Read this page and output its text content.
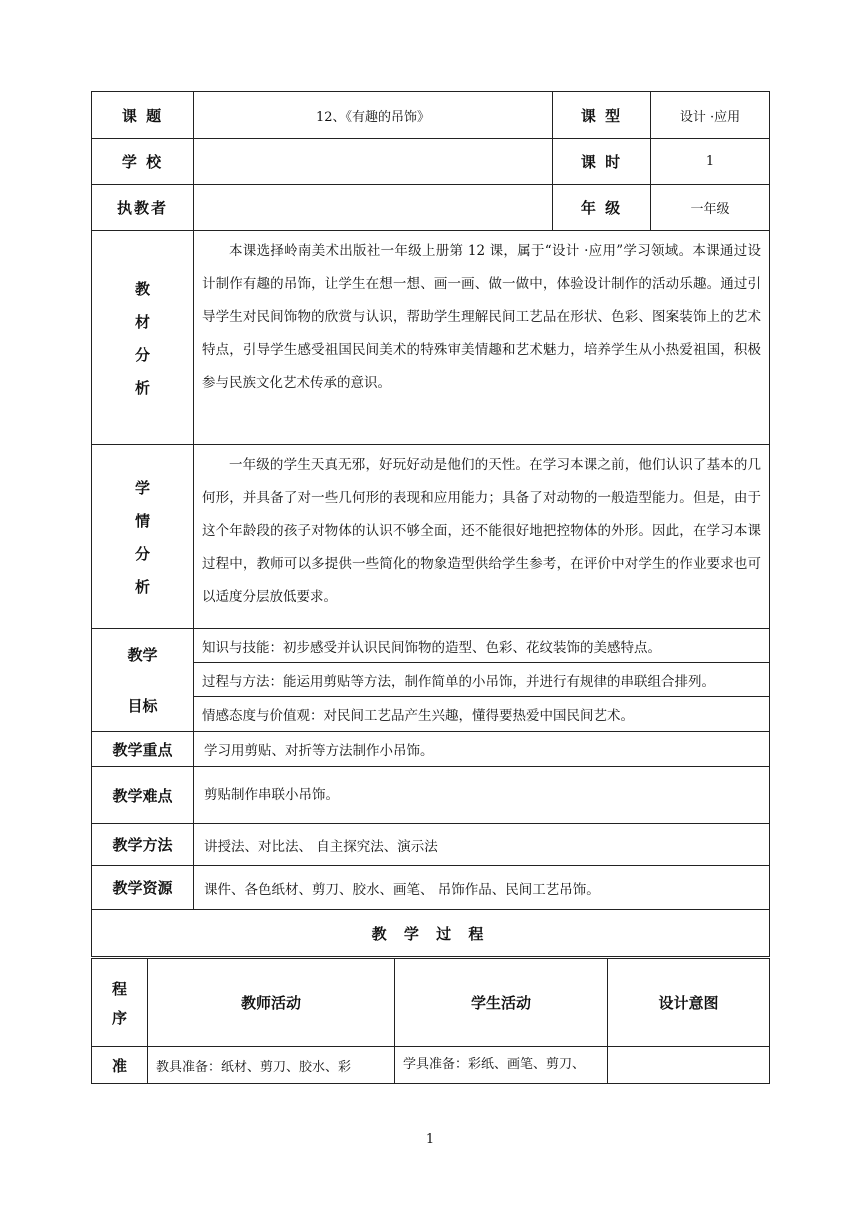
课 题	12、《有趣的吊饰》	课 型	设计 ·应用
学 校		课 时	1
执教者		年 级	一年级

教
材
分
析	本课选择岭南美术出版社一年级上册第 12 课，属于“设计 ·应用”学习领域。本课通过设计制作有趣的吊饰，让学生在想一想、画一画、做一做中，体验设计制作的活动乐趣。通过引导学生对民间饰物的欣赏与认识，帮助学生理解民间工艺品在形状、色彩、图案装饰上的艺术特点，引导学生感受祖国民间美术的特殊审美情趣和艺术魅力，培养学生从小热爱祖国，积极参与民族文化艺术传承的意识。		

学
情
分
析	一年级的学生天真无邪，好玩好动是他们的天性。在学习本课之前，他们认识了基本的几何形，并具备了对一些几何形的表现和应用能力；具备了对动物的一般造型能力。但是，由于这个年龄段的孩子对物体的认识不够全面，还不能很好地把控物体的外形。因此，在学习本课过程中，教师可以多提供一些简化的物象造型供给学生参考，在评价中对学生的作业要求也可以适度分层放低要求。		

教学
目标	知识与技能：初步感受并认识民间饰物的造型、色彩、花纹装饰的美感特点。		
	过程与方法：能运用剪贴等方法，制作简单的小吊饰，并进行有规律的串联组合排列。		
	情感态度与价值观：对民间工艺品产生兴趣，懂得要热爱中国民间艺术。		
教学重点	学习用剪贴、对折等方法制作小吊饰。		
教学难点	剪贴制作串联小吊饰。		
教学方法	讲授法、对比法、 自主探究法、演示法		
教学资源	课件、各色纸材、剪刀、胶水、画笔、 吊饰作品、民间工艺吊饰。		
教 学 过 程			
程
序	教师活动	学生活动	设计意图
准	教具准备：纸材、剪刀、胶水、彩	学具准备：彩纸、画笔、剪刀、	
1
